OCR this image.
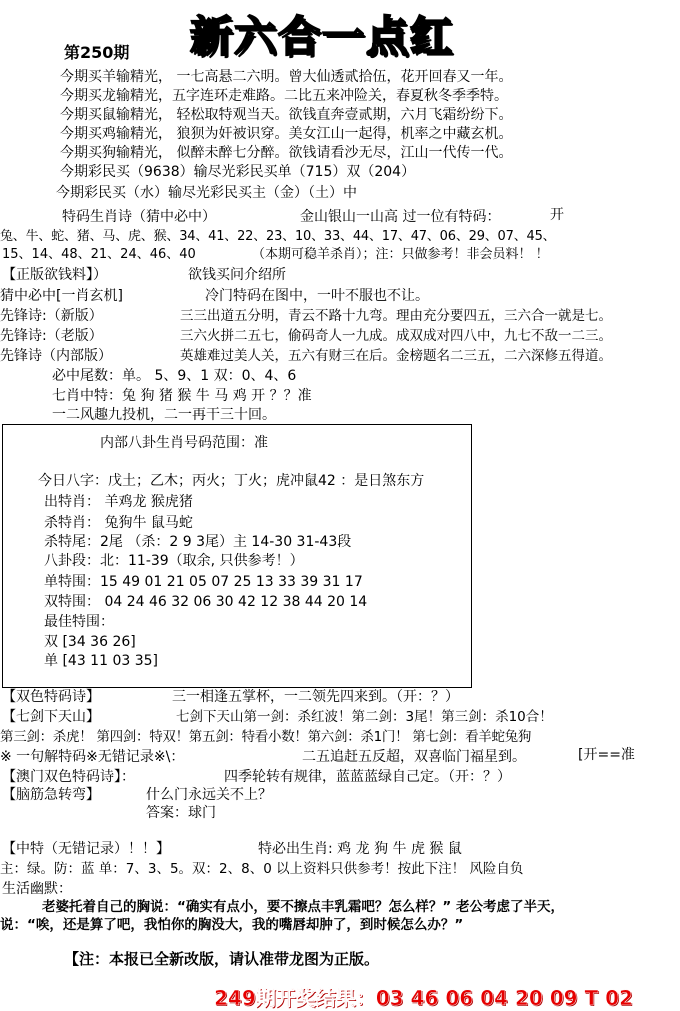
新六合一点红
第250期
今期买羊输精光， 一七高悬二六明。曾大仙透贰拾伍，花开回春又一年。
今期买龙输精光，五字连环走难路。二比五来冲险关，春夏秋冬季季特。
今期买鼠输精光， 轻松取特观当天。欲钱直奔壹贰期，六月飞霜纷纷下。
今期买鸡输精光， 狼狈为奸被识穿。美女江山一起得，机率之中藏玄机。
今期买狗输精光， 似醉未醉七分醉。欲钱请看沙无尽，江山一代传一代。
今期彩民买（9638）输尽光彩民买单（715）双（204）
今期彩民买（水）输尽光彩民买主（金）（土）中
特码生肖诗（猜中必中）	金山银山一山高 过一位有特码：	开
兔、牛、蛇、猪、马、虎、猴、34、41、22、23、10、33、44、17、47、06、29、07、45、
15、14、48、21、24、46、40	（本期可稳羊杀肖）；注：只做参考！非会员料！ ！
【正版欲钱料】）	欲钱买问介绍所
猜中必中[一肖玄机]	冷门特码在图中，一叶不服也不让。
先锋诗:（新版）	三三出道五分明，青云不路十九弯。理由充分要四五，三六合一就是七。
先锋诗:（老版）	三六火拼二五七，偷码奇人一九成。成双成对四八中，九七不敌一二三。
先锋诗（内部版）	英雄难过美人关，五六有财三在后。金榜题名二三五，二六深修五得道。
必中尾数：单。 5、9、1 双：0、4、6
七肖中特：兔 狗 猪 猴 牛 马 鸡 开 ？？准
一二风趣九投机，二一再干三十回。
内部八卦生肖号码范围：准
今日八字：戊土；乙木；丙火；丁火；虎冲鼠42 ：是日煞东方
出特肖： 羊鸡龙 猴虎猪
杀特肖： 兔狗牛 鼠马蛇
杀特尾：2尾 （杀：2 9 3尾）主 14-30 31-43段
八卦段：北：11-39（取余, 只供参考！）
单特围：15 49 01 21 05 07 25 13 33 39 31 17
双特围： 04 24 46 32 06 30 42 12 38 44 20 14
最佳特围：
双 [34 36 26]
单 [43 11 03 35]
【双色特码诗】	三一相逢五掌杯，一二领先四来到。（开：？）
【七剑下天山】	七剑下天山第一剑：杀红波！第二剑：3尾！第三剑：杀10合！
第三剑：杀虎！ 第四剑：特双！第五剑：特看小数！第六剑：杀1门！ 第七剑：看羊蛇兔狗
※ 一句解特码※无错记录※\：	二五追赶五反超，双喜临门福星到。	[开==准
【澳门双色特码诗】：	四季轮转有规律，蓝蓝蓝绿自己定。（开：？）
【脑筋急转弯】	什么门永远关不上？
答案：球门
【中特（无错记录）！！】	特必出生肖: 鸡 龙 狗 牛 虎 猴 鼠
主：绿。防：蓝 单：7、3、5。双：2、8、0 以上资料只供参考！按此下注！ 风险自负
生活幽默：
老婆托着自己的胸说：“确实有点小，要不擦点丰乳霜吧？怎么样？” 老公考虑了半天，
说：“唉，还是算了吧，我怕你的胸没大，我的嘴唇却肿了，到时候怎么办？”
【注：本报已全新改版，请认准带龙图为正版。
249期开奖结果：03 46 06 04 20 09 T 02
